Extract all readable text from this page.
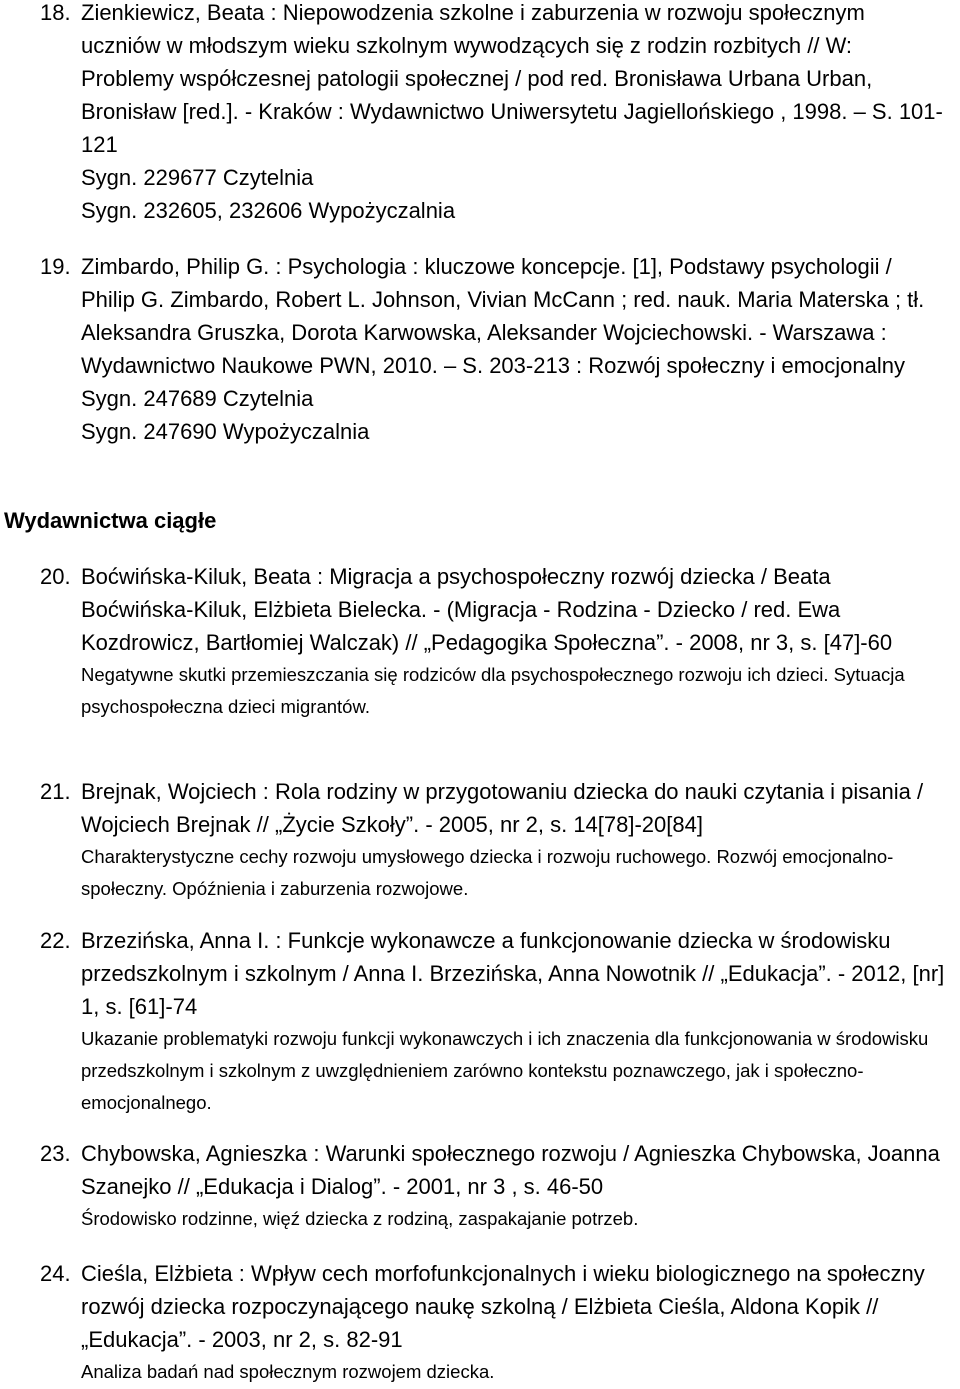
18. Zienkiewicz, Beata : Niepowodzenia szkolne i zaburzenia w rozwoju społecznym uczniów w młodszym wieku szkolnym wywodzących się z rodzin rozbitych // W: Problemy współczesnej patologii społecznej / pod red. Bronisława Urbana Urban, Bronisław [red.]. - Kraków : Wydawnictwo Uniwersytetu Jagiellońskiego , 1998. – S. 101-121

Sygn. 229677 Czytelnia
Sygn. 232605, 232606 Wypożyczalnia
19. Zimbardo, Philip G. : Psychologia : kluczowe koncepcje. [1], Podstawy psychologii / Philip G. Zimbardo, Robert L. Johnson, Vivian McCann ; red. nauk. Maria Materska ; tł. Aleksandra Gruszka, Dorota Karwowska, Aleksander Wojciechowski. - Warszawa : Wydawnictwo Naukowe PWN, 2010. – S. 203-213 : Rozwój społeczny i emocjonalny

Sygn. 247689 Czytelnia
Sygn. 247690 Wypożyczalnia
Wydawnictwa ciągłe
20. Boćwińska-Kiluk, Beata : Migracja a psychospołeczny rozwój dziecka / Beata Boćwińska-Kiluk, Elżbieta Bielecka. - (Migracja - Rodzina - Dziecko / red. Ewa Kozdrowicz, Bartłomiej Walczak) // „Pedagogika Społeczna”. - 2008, nr 3, s. [47]-60

Negatywne skutki przemieszczania się rodziców dla psychospołecznego rozwoju ich dzieci. Sytuacja psychospołeczna dzieci migrantów.

21. Brejnak, Wojciech : Rola rodziny w przygotowaniu dziecka do nauki czytania i pisania / Wojciech Brejnak // „Życie Szkoły”. - 2005, nr 2, s. 14[78]-20[84]

Charakterystyczne cechy rozwoju umysłowego dziecka i rozwoju ruchowego. Rozwój emocjonalno-społeczny. Opóźnienia i zaburzenia rozwojowe.

22. Brzezińska, Anna I. : Funkcje wykonawcze a funkcjonowanie dziecka w środowisku przedszkolnym i szkolnym / Anna I. Brzezińska, Anna Nowotnik // „Edukacja”. - 2012, [nr] 1, s. [61]-74

Ukazanie problematyki rozwoju funkcji wykonawczych i ich znaczenia dla funkcjonowania w środowisku przedszkolnym i szkolnym z uwzględnieniem zarówno kontekstu poznawczego, jak i społeczno-emocjonalnego.

23. Chybowska, Agnieszka : Warunki społecznego rozwoju / Agnieszka Chybowska, Joanna Szanejko // „Edukacja i Dialog”. - 2001, nr 3 , s. 46-50

Środowisko rodzinne, więź dziecka z rodziną, zaspakajanie potrzeb.

24. Cieśla, Elżbieta : Wpływ cech morfofunkcjonalnych i wieku biologicznego na społeczny rozwój dziecka rozpoczynającego naukę szkolną / Elżbieta Cieśla, Aldona Kopik // „Edukacja”. - 2003, nr 2, s. 82-91

Analiza badań nad społecznym rozwojem dziecka.
